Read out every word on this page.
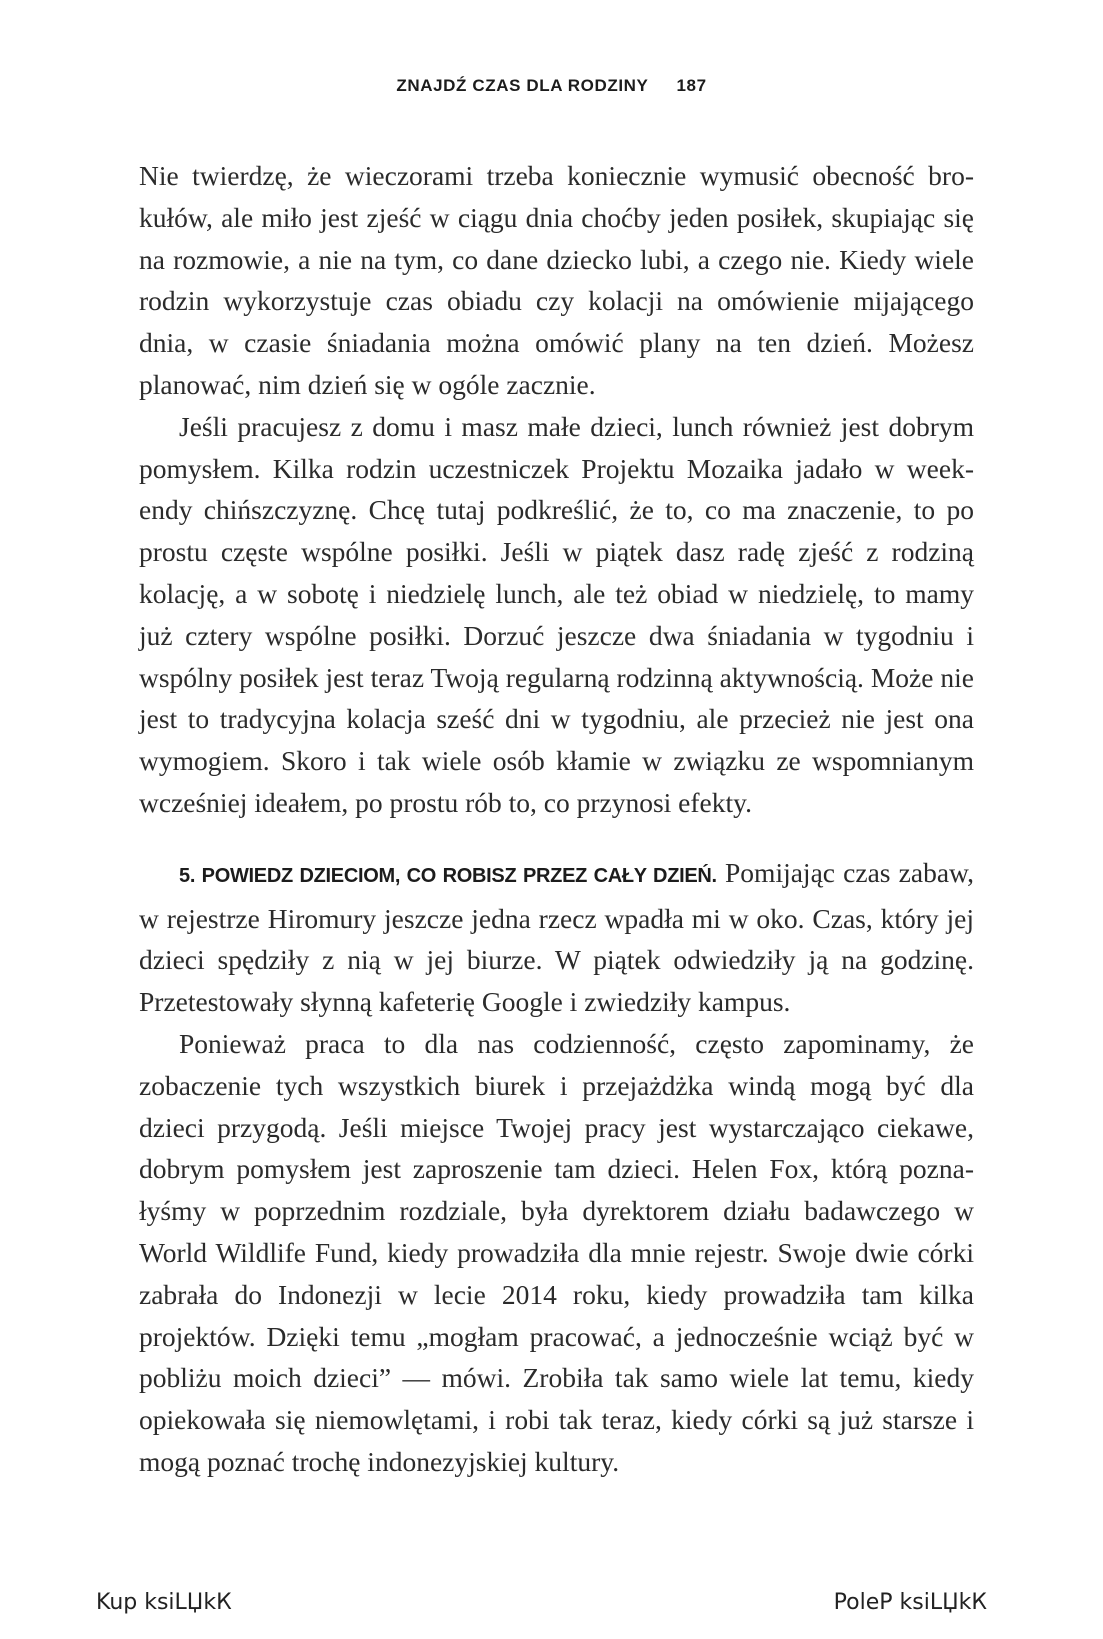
ZNAJDŹ CZAS DLA RODZINY 187

Nie twierdzę, że wieczorami trzeba koniecznie wymusić obecność brokułów, ale miło jest zjeść w ciągu dnia choćby jeden posiłek, skupiając się na rozmowie, a nie na tym, co dane dziecko lubi, a czego nie. Kiedy wiele rodzin wykorzystuje czas obiadu czy kolacji na omówienie mijającego dnia, w czasie śniadania można omówić plany na ten dzień. Możesz planować, nim dzień się w ogóle zacznie.

Jeśli pracujesz z domu i masz małe dzieci, lunch również jest dobrym pomysłem. Kilka rodzin uczestniczek Projektu Mozaika jadało w weekendy chińszczyznę. Chcę tutaj podkreślić, że to, co ma znaczenie, to po prostu częste wspólne posiłki. Jeśli w piątek dasz radę zjeść z rodziną kolację, a w sobotę i niedzielę lunch, ale też obiad w niedzielę, to mamy już cztery wspólne posiłki. Dorzuć jeszcze dwa śniadania w tygodniu i wspólny posiłek jest teraz Twoją regularną rodzinną aktywnością. Może nie jest to tradycyjna kolacja sześć dni w tygodniu, ale przecież nie jest ona wymogiem. Skoro i tak wiele osób kłamie w związku ze wspomnianym wcześniej ideałem, po prostu rób to, co przynosi efekty.

5. POWIEDZ DZIECIOM, CO ROBISZ PRZEZ CAŁY DZIEŃ. Pomijając czas zabaw, w rejestrze Hiromury jeszcze jedna rzecz wpadła mi w oko. Czas, który jej dzieci spędziły z nią w jej biurze. W piątek odwiedziły ją na godzinę. Przetestowały słynną kafeterię Google i zwiedziły kampus.

Ponieważ praca to dla nas codzienność, często zapominamy, że zobaczenie tych wszystkich biurek i przejażdżka windą mogą być dla dzieci przygodą. Jeśli miejsce Twojej pracy jest wystarczająco ciekawe, dobrym pomysłem jest zaproszenie tam dzieci. Helen Fox, którą poznałyśmy w poprzednim rozdziale, była dyrektorem działu badawczego w World Wildlife Fund, kiedy prowadziła dla mnie rejestr. Swoje dwie córki zabrała do Indonezji w lecie 2014 roku, kiedy prowadziła tam kilka projektów. Dzięki temu „mogłam pracować, a jednocześnie wciąż być w pobliżu moich dzieci” — mówi. Zrobiła tak samo wiele lat temu, kiedy opiekowała się niemowlętami, i robi tak teraz, kiedy córki są już starsze i mogą poznać trochę indonezyjskiej kultury.

Kup ksiLЏkК	PoleР ksiLЏkК
